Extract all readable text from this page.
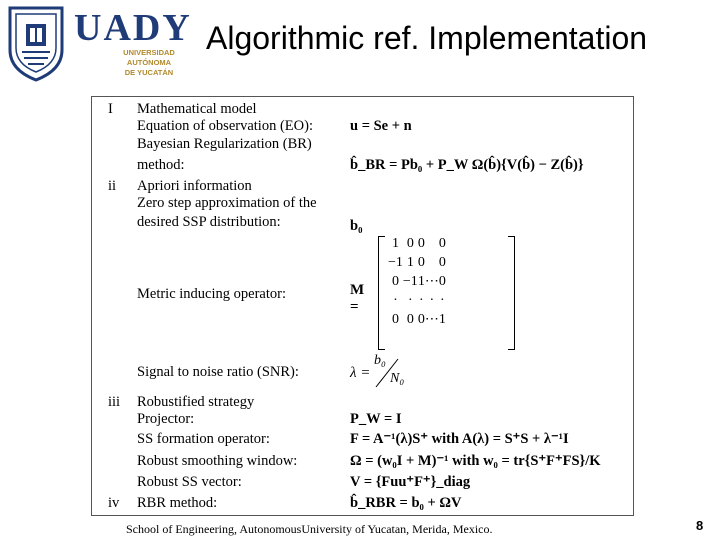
UADY
UNIVERSIDAD
AUTÓNOMA
DE YUCATÁN
Algorithmic ref. Implementation
I Mathematical model
Equation of observation (EO):	u = Se + n
Bayesian Regularization (BR)
method:	b̂_BR = Pb₀ + P_W Ω(b̂){V(b̂) − Z(b̂)}
ii Apriori information
Zero step approximation of the
desired SSP distribution:	b₀
Metric inducing operator:	M =
1	0	0		0
−1	1	0		0
0	−1	1	⋯	0
·	·	·	·	·
0	0	0	⋯	1
Signal to noise ratio (SNR):	λ =
b₀
N₀
iii Robustified strategy
Projector:	P_W = I
SS formation operator:	F = A⁻¹(λ)S⁺ with A(λ) = S⁺S + λ⁻¹I
Robust smoothing window:	Ω = (w₀I + M)⁻¹ with w₀ = tr{S⁺F⁺FS}/K
Robust SS vector:	V = {Fuu⁺F⁺}_diag
iv RBR method:	b̂_RBR = b₀ + ΩV
School of Engineering, AutonomousUniversity of Yucatan, Merida, Mexico.	8
